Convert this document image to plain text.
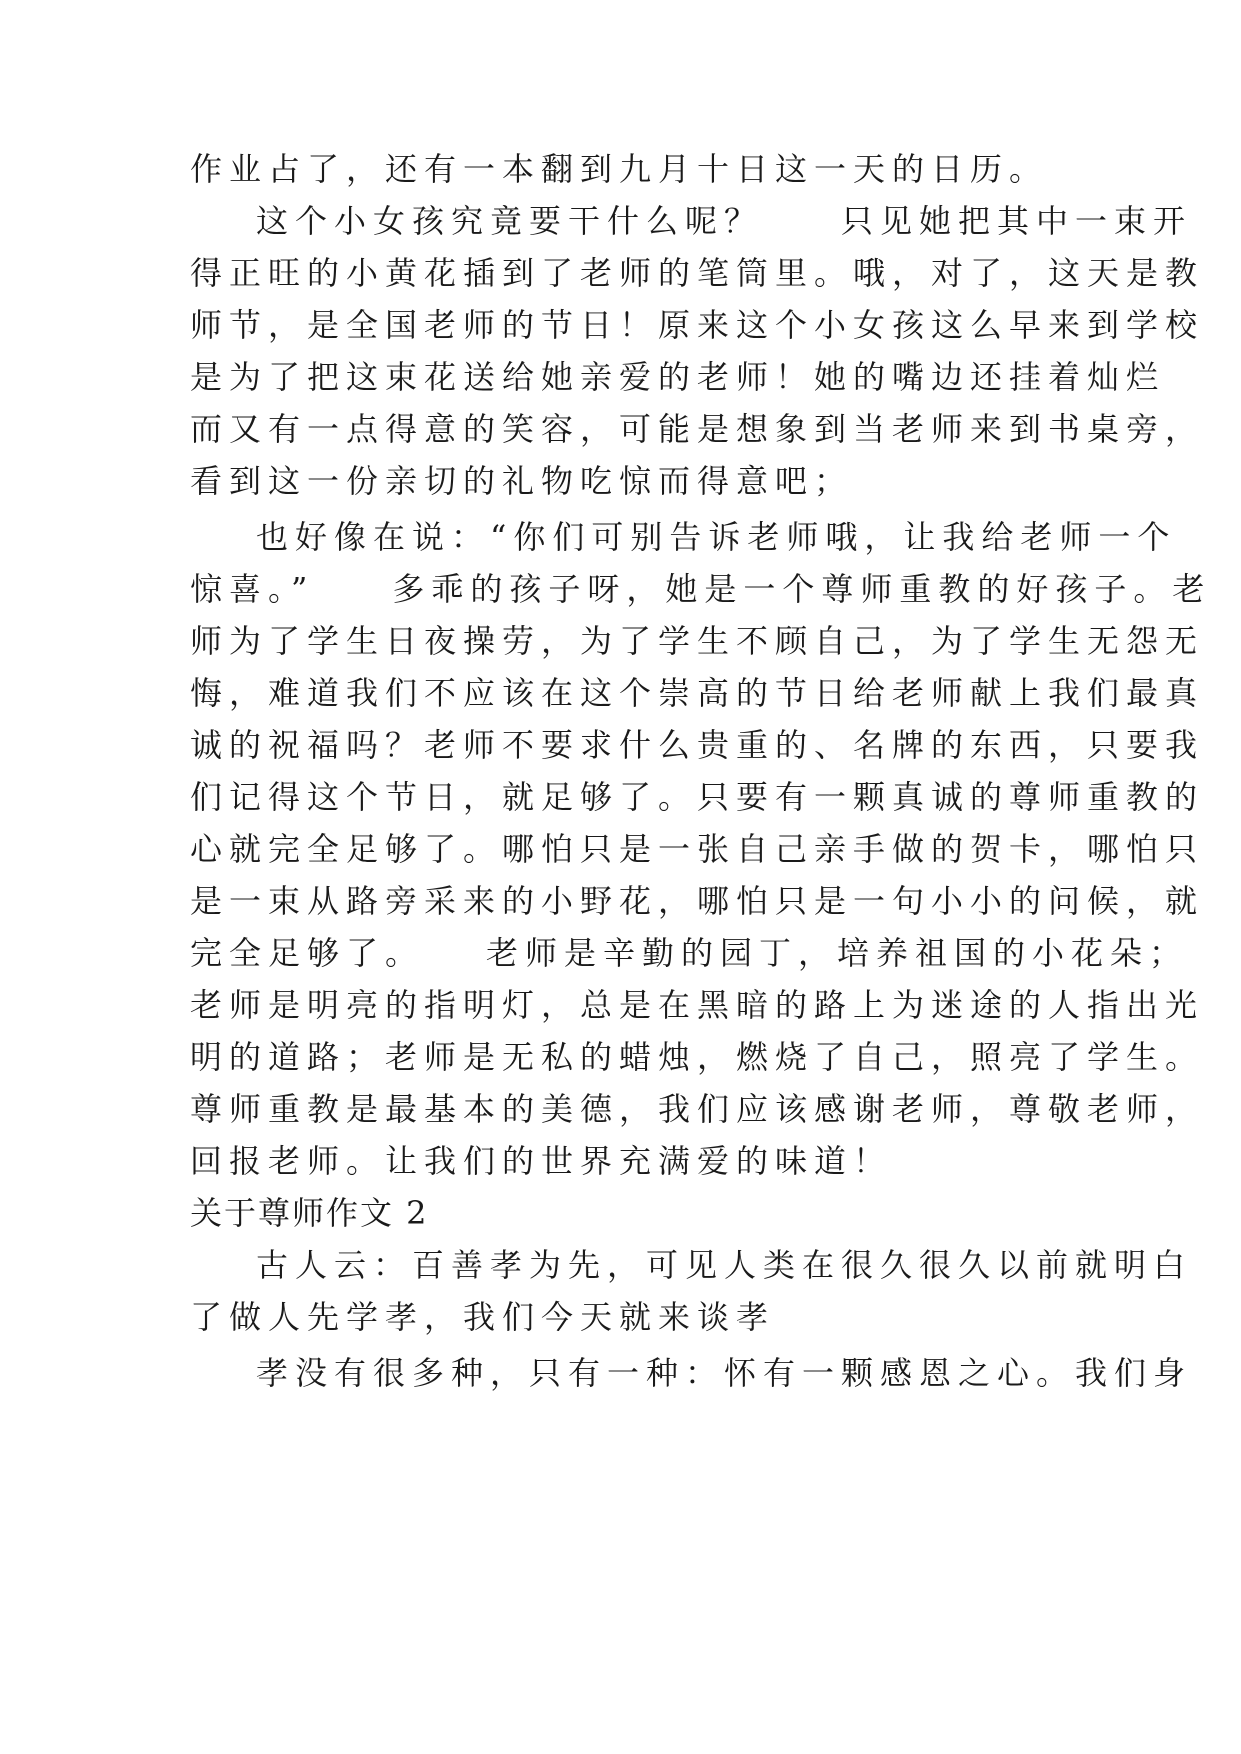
作业占了，还有一本翻到九月十日这一天的日历。
这个小女孩究竟要干什么呢？　　只见她把其中一束开
得正旺的小黄花插到了老师的笔筒里。哦，对了，这天是教
师节，是全国老师的节日！原来这个小女孩这么早来到学校
是为了把这束花送给她亲爱的老师！她的嘴边还挂着灿烂
而又有一点得意的笑容，可能是想象到当老师来到书桌旁，
看到这一份亲切的礼物吃惊而得意吧；
也好像在说：“你们可别告诉老师哦，让我给老师一个
惊喜。”　　多乖的孩子呀，她是一个尊师重教的好孩子。老
师为了学生日夜操劳，为了学生不顾自己，为了学生无怨无
悔，难道我们不应该在这个崇高的节日给老师献上我们最真
诚的祝福吗？老师不要求什么贵重的、名牌的东西，只要我
们记得这个节日，就足够了。只要有一颗真诚的尊师重教的
心就完全足够了。哪怕只是一张自己亲手做的贺卡，哪怕只
是一束从路旁采来的小野花，哪怕只是一句小小的问候，就
完全足够了。　　老师是辛勤的园丁，培养祖国的小花朵；
老师是明亮的指明灯，总是在黑暗的路上为迷途的人指出光
明的道路；老师是无私的蜡烛，燃烧了自己，照亮了学生。
尊师重教是最基本的美德，我们应该感谢老师，尊敬老师，
回报老师。让我们的世界充满爱的味道！
关于尊师作文 2
古人云：百善孝为先，可见人类在很久很久以前就明白
了做人先学孝，我们今天就来谈孝
孝没有很多种，只有一种：怀有一颗感恩之心。我们身
